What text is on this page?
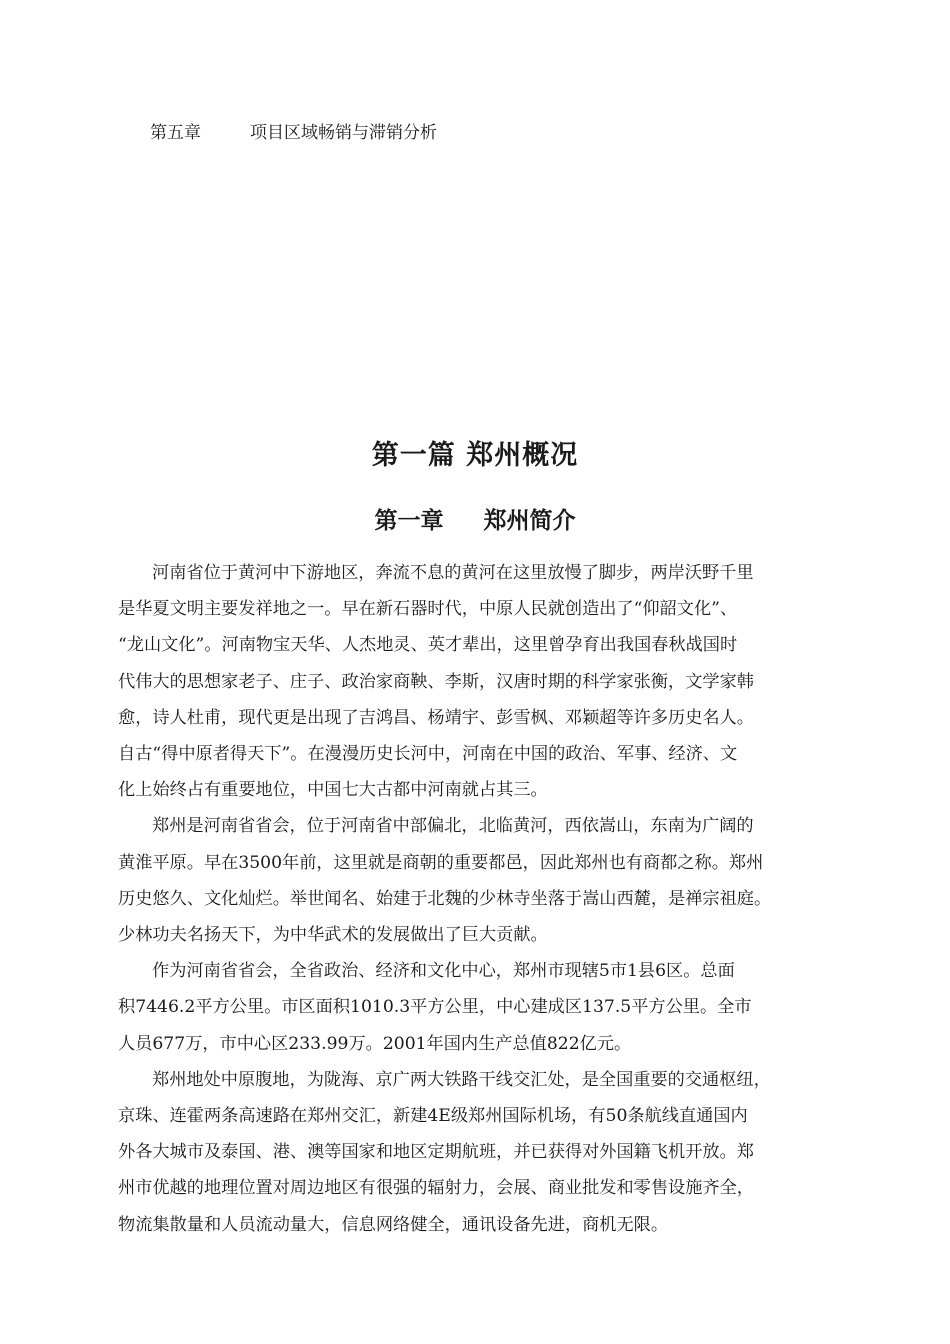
第五章	项目区域畅销与滞销分析
第一篇 郑州概况
第一章 郑州简介

河南省位于黄河中下游地区，奔流不息的黄河在这里放慢了脚步，两岸沃野千里
是华夏文明主要发祥地之一。早在新石器时代，中原人民就创造出了“仰韶文化”、
“龙山文化”。河南物宝天华、人杰地灵、英才辈出，这里曾孕育出我国春秋战国时
代伟大的思想家老子、庄子、政治家商鞅、李斯，汉唐时期的科学家张衡，文学家韩
愈，诗人杜甫，现代更是出现了吉鸿昌、杨靖宇、彭雪枫、邓颖超等许多历史名人。
自古“得中原者得天下”。在漫漫历史长河中，河南在中国的政治、军事、经济、文
化上始终占有重要地位，中国七大古都中河南就占其三。

郑州是河南省省会，位于河南省中部偏北，北临黄河，西依嵩山，东南为广阔的
黄淮平原。早在3500年前，这里就是商朝的重要都邑，因此郑州也有商都之称。郑州
历史悠久、文化灿烂。举世闻名、始建于北魏的少林寺坐落于嵩山西麓，是禅宗祖庭。
少林功夫名扬天下，为中华武术的发展做出了巨大贡献。

作为河南省省会，全省政治、经济和文化中心，郑州市现辖5市1县6区。总面
积7446.2平方公里。市区面积1010.3平方公里，中心建成区137.5平方公里。全市
人员677万，市中心区233.99万。2001年国内生产总值822亿元。

郑州地处中原腹地，为陇海、京广两大铁路干线交汇处，是全国重要的交通枢纽，
京珠、连霍两条高速路在郑州交汇，新建4E级郑州国际机场，有50条航线直通国内
外各大城市及泰国、港、澳等国家和地区定期航班，并已获得对外国籍飞机开放。郑
州市优越的地理位置对周边地区有很强的辐射力，会展、商业批发和零售设施齐全，
物流集散量和人员流动量大，信息网络健全，通讯设备先进，商机无限。
